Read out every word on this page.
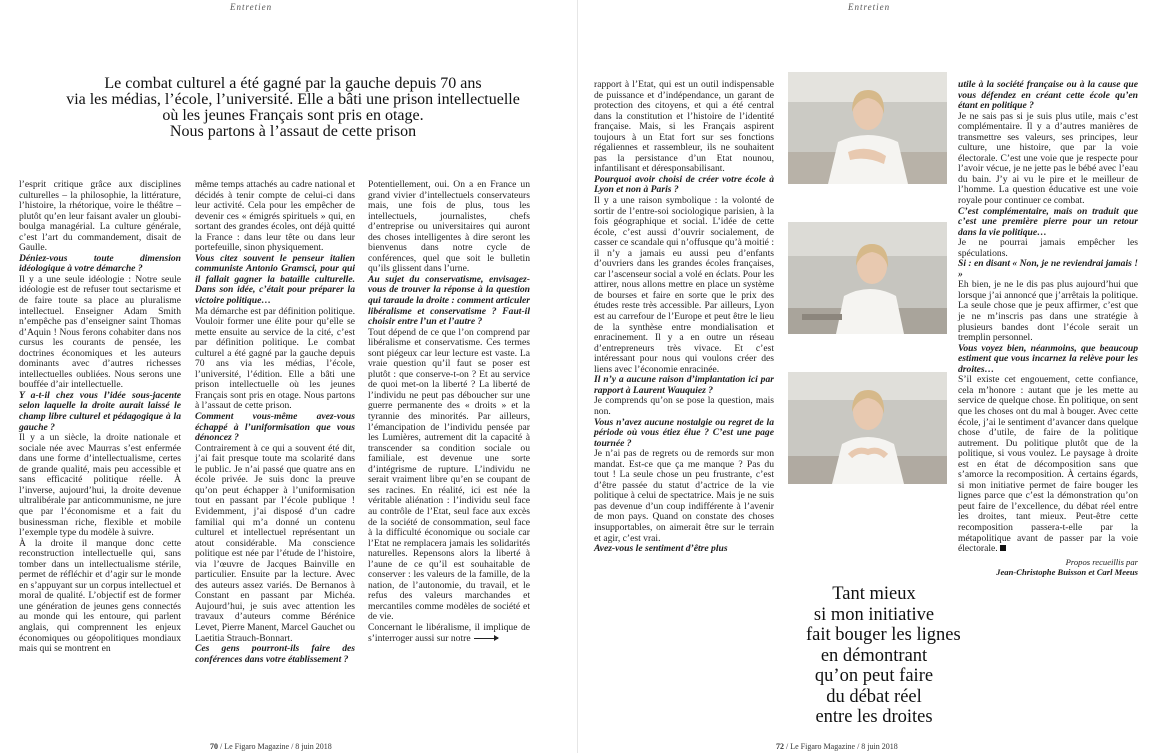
Entretien
Le combat culturel a été gagné par la gauche depuis 70 ans
via les médias, l’école, l’université. Elle a bâti une prison intellectuelle
où les jeunes Français sont pris en otage.
Nous partons à l’assaut de cette prison

l’esprit critique grâce aux disciplines culturelles – la philosophie, la littérature, l’histoire, la rhétorique, voire le théâtre – plutôt qu’en leur faisant avaler un gloubi-boulga managérial. La culture générale, c’est l’art du commandement, disait de Gaulle.

Déniez-vous toute dimension idéologique à votre démarche ?

Il y a une seule idéologie : Notre seule idéologie est de refuser tout sectarisme et de faire toute sa place au pluralisme intellectuel. Enseigner Adam Smith n’empêche pas d’enseigner saint Thomas d’Aquin ! Nous ferons cohabiter dans nos cursus les courants de pensée, les doctrines économiques et les auteurs dominants avec d’autres richesses intellectuelles oubliées. Nous serons une bouffée d’air intellectuelle.

Y a-t-il chez vous l’idée sous-jacente selon laquelle la droite aurait laissé le champ libre culturel et pédagogique à la gauche ?

Il y a un siècle, la droite nationale et sociale née avec Maurras s’est enfermée dans une forme d’intellectualisme, certes de grande qualité, mais peu accessible et sans efficacité politique réelle. À l’inverse, aujourd’hui, la droite devenue ultralibérale par anticommunisme, ne jure que par l’économisme et a fait du businessman riche, flexible et mobile l’exemple type du modèle à suivre.

À la droite il manque donc cette reconstruction intellectuelle qui, sans tomber dans un intellectualisme stérile, permet de réfléchir et d’agir sur le monde en s’appuyant sur un corpus intellectuel et moral de qualité. L’objectif est de former une génération de jeunes gens connectés au monde qui les entoure, qui parlent anglais, qui comprennent les enjeux économiques ou géopolitiques mondiaux mais qui se montrent en

même temps attachés au cadre national et décidés à tenir compte de celui-ci dans leur activité. Cela pour les empêcher de devenir ces « émigrés spirituels » qui, en sortant des grandes écoles, ont déjà quitté la France : dans leur tête ou dans leur portefeuille, sinon physiquement.

Vous citez souvent le penseur italien communiste Antonio Gramsci, pour qui il fallait gagner la bataille culturelle. Dans son idée, c’était pour préparer la victoire politique…

Ma démarche est par définition politique. Vouloir former une élite pour qu’elle se mette ensuite au service de la cité, c’est par définition politique. Le combat culturel a été gagné par la gauche depuis 70 ans via les médias, l’école, l’université, l’édition. Elle a bâti une prison intellectuelle où les jeunes Français sont pris en otage. Nous partons à l’assaut de cette prison.

Comment vous-même avez-vous échappé à l’uniformisation que vous dénoncez ?

Contrairement à ce qui a souvent été dit, j’ai fait presque toute ma scolarité dans le public. Je n’ai passé que quatre ans en école privée. Je suis donc la preuve qu’on peut échapper à l’uniformisation tout en passant par l’école publique ! Evidemment, j’ai disposé d’un cadre familial qui m’a donné un contenu culturel et intellectuel représentant un atout considérable. Ma conscience politique est née par l’étude de l’histoire, via l’œuvre de Jacques Bainville en particulier. Ensuite par la lecture. Avec des auteurs assez variés. De Bernanos à Constant en passant par Michéa. Aujourd’hui, je suis avec attention les travaux d’auteurs comme Bérénice Levet, Pierre Manent, Marcel Gauchet ou Laetitia Strauch-Bonnart.

Ces gens pourront-ils faire des conférences dans votre établissement ?

Potentiellement, oui. On a en France un grand vivier d’intellectuels conservateurs mais, une fois de plus, tous les intellectuels, journalistes, chefs d’entreprise ou universitaires qui auront des choses intelligentes à dire seront les bienvenus dans notre cycle de conférences, quel que soit le bulletin qu’ils glissent dans l’urne.

Au sujet du conservatisme, envisagez-vous de trouver la réponse à la question qui taraude la droite : comment articuler libéralisme et conservatisme ? Faut-il choisir entre l’un et l’autre ?

Tout dépend de ce que l’on comprend par libéralisme et conservatisme. Ces termes sont piégeux car leur lecture est vaste. La vraie question qu’il faut se poser est plutôt : que conserve-t-on ? Et au service de quoi met-on la liberté ? La liberté de l’individu ne peut pas déboucher sur une guerre permanente des « droits » et la tyrannie des minorités. Par ailleurs, l’émancipation de l’individu pensée par les Lumières, autrement dit la capacité à transcender sa condition sociale ou familiale, est devenue une sorte d’intégrisme de rupture. L’individu ne serait vraiment libre qu’en se coupant de ses racines. En réalité, ici est née la véritable aliénation : l’individu seul face au contrôle de l’Etat, seul face aux excès de la société de consommation, seul face à la difficulté économique ou sociale car l’Etat ne remplacera jamais les solidarités naturelles. Repensons alors la liberté à l’aune de ce qu’il est souhaitable de conserver : les valeurs de la famille, de la nation, de l’autonomie, du travail, et le refus des valeurs marchandes et mercantiles comme modèles de société et de vie.

Concernant le libéralisme, il implique de s’interroger aussi sur notre

70 / Le Figaro Magazine / 8 juin 2018
Entretien

rapport à l’Etat, qui est un outil indispensable de puissance et d’indépendance, un garant de protection des citoyens, et qui a été central dans la constitution et l’histoire de l’identité française. Mais, si les Français aspirent toujours à un Etat fort sur ses fonctions régaliennes et rassembleur, ils ne souhaitent pas la persistance d’un Etat nounou, infantilisant et déresponsabilisant.

Pourquoi avoir choisi de créer votre école à Lyon et non à Paris ?

Il y a une raison symbolique : la volonté de sortir de l’entre-soi sociologique parisien, à la fois géographique et social. L’idée de cette école, c’est aussi d’ouvrir socialement, de casser ce scandale qui n’offusque qu’à moitié : il n’y a jamais eu aussi peu d’enfants d’ouvriers dans les grandes écoles françaises, car l’ascenseur social a volé en éclats. Pour les attirer, nous allons mettre en place un système de bourses et faire en sorte que le prix des études reste très accessible. Par ailleurs, Lyon est au carrefour de l’Europe et peut être le lieu de la synthèse entre mondialisation et enracinement. Il y a en outre un réseau d’entrepreneurs très vivace. Et c’est intéressant pour nous qui voulons créer des liens avec l’économie enracinée.

Il n’y a aucune raison d’implantation ici par rapport à Laurent Wauquiez ?

Je comprends qu’on se pose la question, mais non.

Vous n’avez aucune nostalgie ou regret de la période où vous étiez élue ? C’est une page tournée ?

Je n’ai pas de regrets ou de remords sur mon mandat. Est-ce que ça me manque ? Pas du tout ! La seule chose un peu frustrante, c’est d’être passée du statut d’actrice de la vie politique à celui de spectatrice. Mais je ne suis pas devenue d’un coup indifférente à l’avenir de mon pays. Quand on constate des choses insupportables, on aimerait être sur le terrain et agir, c’est vrai.

Avez-vous le sentiment d’être plus

Tant mieux
si mon initiative
fait bouger les lignes
en démontrant
qu’on peut faire
du débat réel
entre les droites

utile à la société française ou à la cause que vous défendez en créant cette école qu’en étant en politique ?

Je ne sais pas si je suis plus utile, mais c’est complémentaire. Il y a d’autres manières de transmettre ses valeurs, ses principes, leur culture, une histoire, que par la voie électorale. C’est une voie que je respecte pour l’avoir vécue, je ne jette pas le bébé avec l’eau du bain. J’y ai vu le pire et le meilleur de l’homme. La question éducative est une voie royale pour continuer ce combat.

C’est complémentaire, mais on traduit que c’est une première pierre pour un retour dans la vie politique…

Je ne pourrai jamais empêcher les spéculations.

Si : en disant « Non, je ne reviendrai jamais ! »

Eh bien, je ne le dis pas plus aujourd’hui que lorsque j’ai annoncé que j’arrêtais la politique. La seule chose que je peux affirmer, c’est que je ne m’inscris pas dans une stratégie à plusieurs bandes dont l’école serait un tremplin personnel.

Vous voyez bien, néanmoins, que beaucoup estiment que vous incarnez la relève pour les droites…

S’il existe cet engouement, cette confiance, cela m’honore : autant que je les mette au service de quelque chose. En politique, on sent que les choses ont du mal à bouger. Avec cette école, j’ai le sentiment d’avancer dans quelque chose d’utile, de faire de la politique autrement. Du politique plutôt que de la politique, si vous voulez. Le paysage à droite est en état de décomposition sans que s’amorce la recomposition. À certains égards, si mon initiative permet de faire bouger les lignes parce que c’est la démonstration qu’on peut faire de l’excellence, du débat réel entre les droites, tant mieux. Peut-être cette recomposition passera-t-elle par la métapolitique avant de passer par la voie électorale.

Propos recueillis par
Jean-Christophe Buisson et Carl Meeus
72 / Le Figaro Magazine / 8 juin 2018
